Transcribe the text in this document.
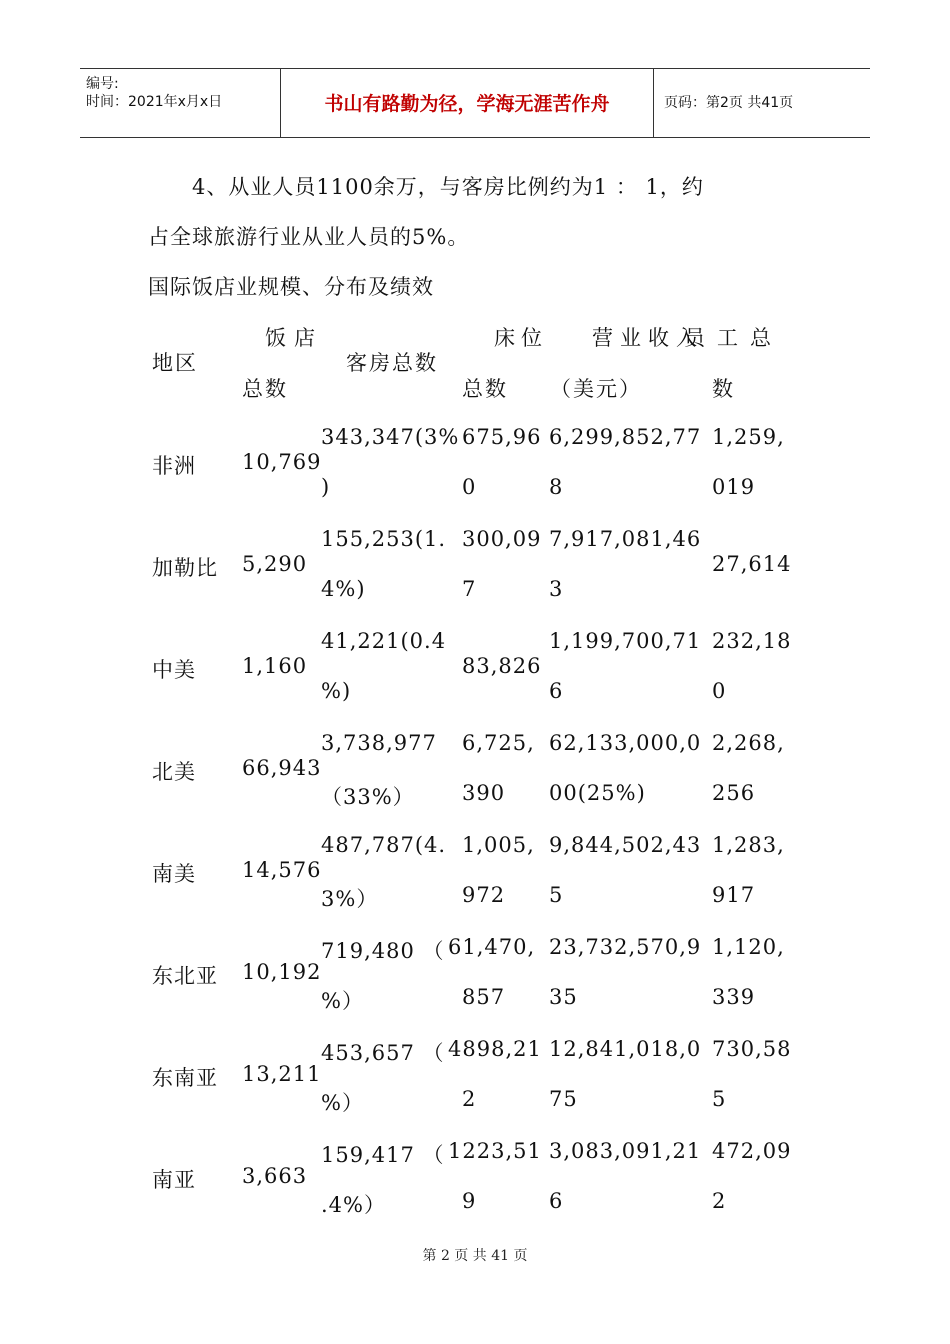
编号:
时间：2021年x月x日	书山有路勤为径，学海无涯苦作舟	页码：第2页 共41页
4、从业人员1100余万，与客房比例约为1 ： 1，约
占全球旅游行业从业人员的5%。
国际饭店业规模、分布及绩效
地区
饭店
总数
客房总数
床位
总数
营业收入
（美元）
员工总
数
非洲 10,769
343,347(3%
)
675,96
0
6,299,852,77
8
1,259,
019
加勒比 5,290
155,253(1.
4%)
300,09
7
7,917,081,46
3
27,614
中美 1,160
41,221(0.4
%)
83,826
1,199,700,71
6
232,18
0
北美 66,943
3,738,977
（33%）
6,725,
390
62,133,000,0
00(25%)
2,268,
256
南美 14,576
487,787(4.
3%）
1,005,
972
9,844,502,43
5
1,283,
917
东北亚 10,192
719,480 （
%）
61,470,
857
23,732,570,9
35
1,120,
339
东南亚 13,211
453,657 （
%）
4898,21
2
12,841,018,0
75
730,58
5
南亚 3,663
159,417 （
.4%）
1223,51
9
3,083,091,21
6
472,09
2
第 2 页 共 41 页
